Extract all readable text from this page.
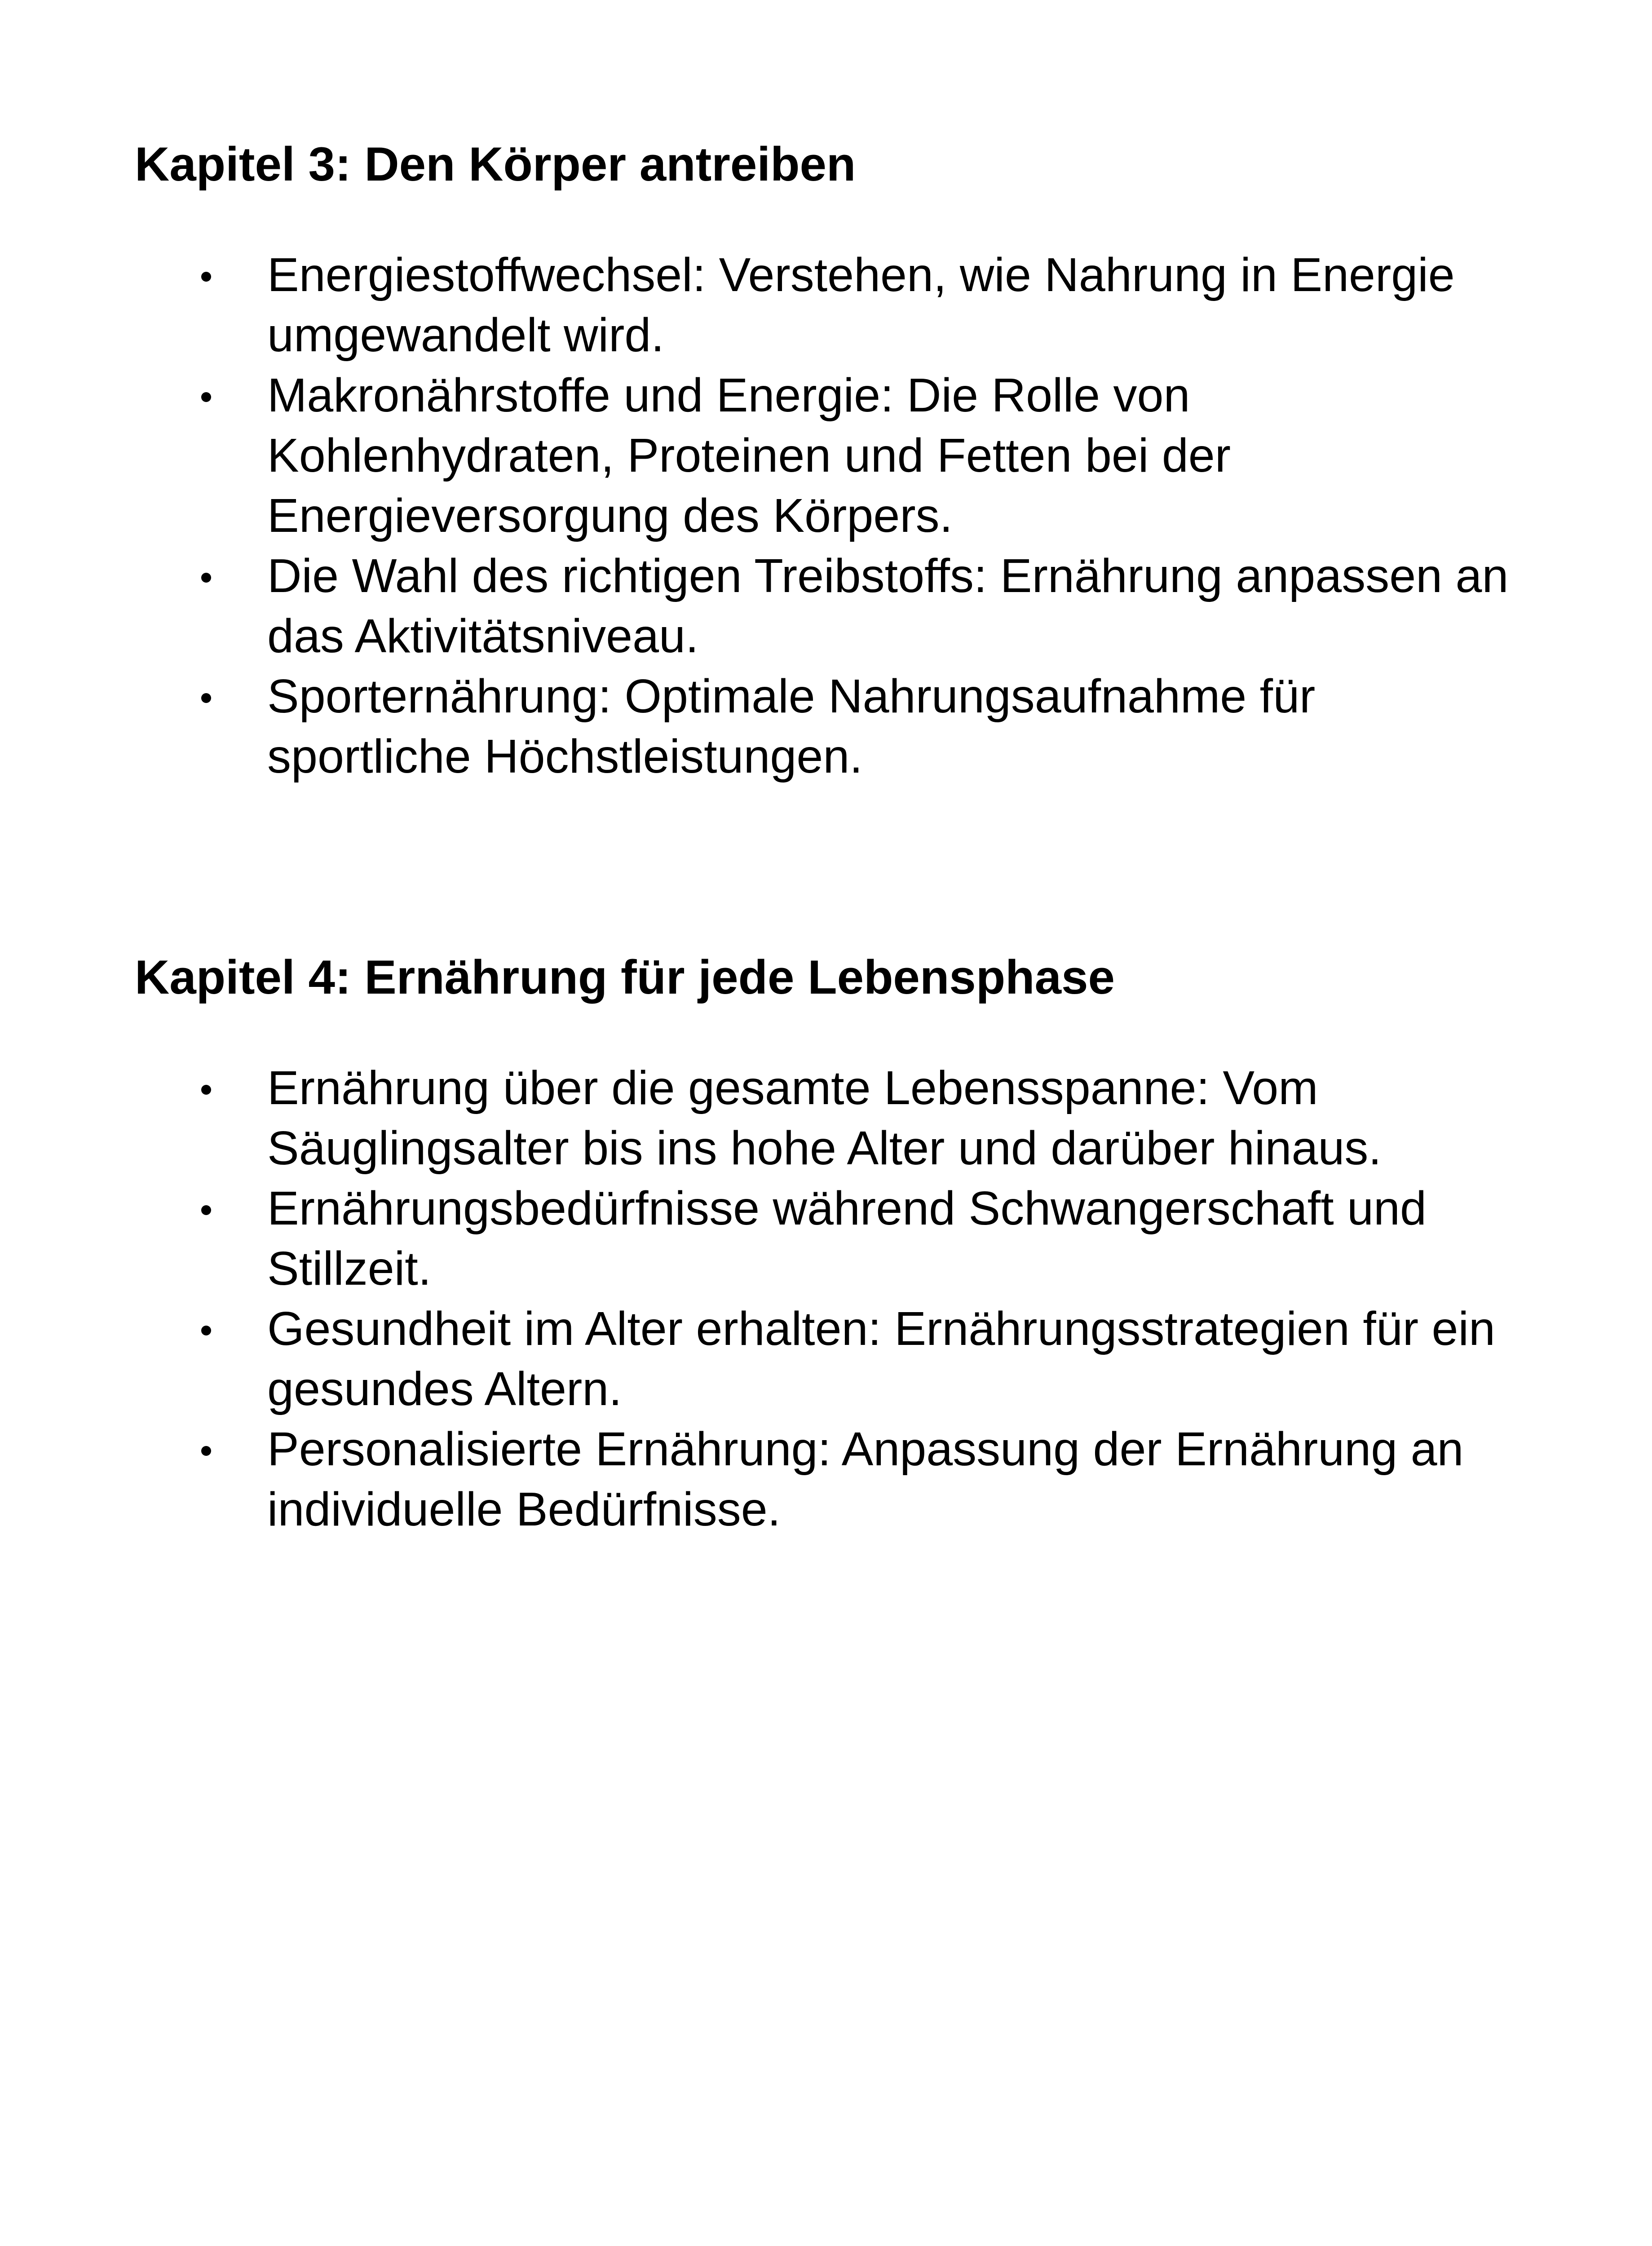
Kapitel 3: Den Körper antreiben
Energiestoffwechsel: Verstehen, wie Nahrung in Energie umgewandelt wird.
Makronährstoffe und Energie: Die Rolle von Kohlenhydraten, Proteinen und Fetten bei der Energieversorgung des Körpers.
Die Wahl des richtigen Treibstoffs: Ernährung anpassen an das Aktivitätsniveau.
Sporternährung: Optimale Nahrungsaufnahme für sportliche Höchstleistungen.
Kapitel 4: Ernährung für jede Lebensphase
Ernährung über die gesamte Lebensspanne: Vom Säuglingsalter bis ins hohe Alter und darüber hinaus.
Ernährungsbedürfnisse während Schwangerschaft und Stillzeit.
Gesundheit im Alter erhalten: Ernährungsstrategien für ein gesundes Altern.
Personalisierte Ernährung: Anpassung der Ernährung an individuelle Bedürfnisse.
